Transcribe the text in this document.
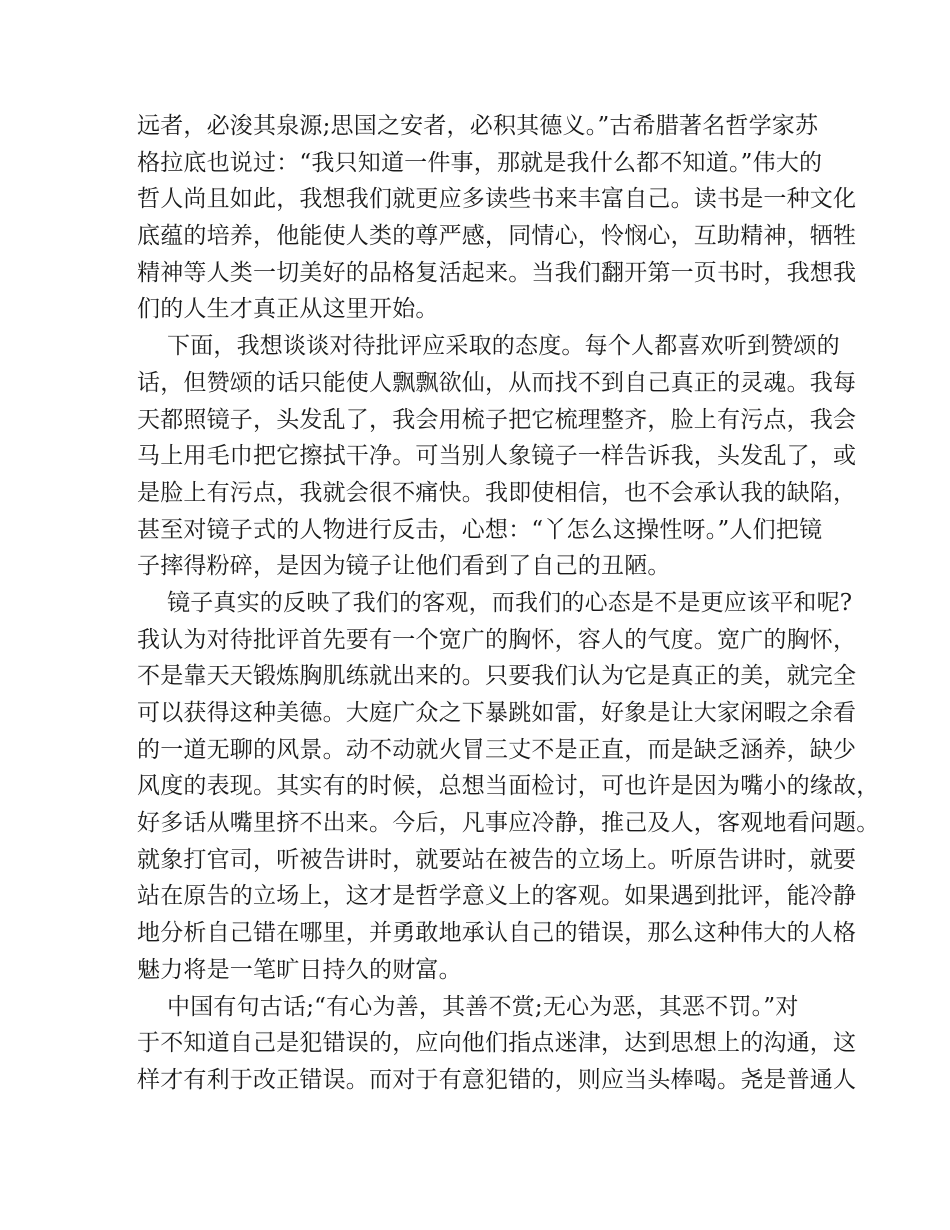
远者，必浚其泉源;思国之安者，必积其德义。”古希腊著名哲学家苏
格拉底也说过：“我只知道一件事，那就是我什么都不知道。”伟大的
哲人尚且如此，我想我们就更应多读些书来丰富自己。读书是一种文化
底蕴的培养，他能使人类的尊严感，同情心，怜悯心，互助精神，牺牲
精神等人类一切美好的品格复活起来。当我们翻开第一页书时，我想我
们的人生才真正从这里开始。
下面，我想谈谈对待批评应采取的态度。每个人都喜欢听到赞颂的
话，但赞颂的话只能使人飘飘欲仙，从而找不到自己真正的灵魂。我每
天都照镜子，头发乱了，我会用梳子把它梳理整齐，脸上有污点，我会
马上用毛巾把它擦拭干净。可当别人象镜子一样告诉我，头发乱了，或
是脸上有污点，我就会很不痛快。我即使相信，也不会承认我的缺陷，
甚至对镜子式的人物进行反击，心想：“丫怎么这操性呀。”人们把镜
子摔得粉碎，是因为镜子让他们看到了自己的丑陋。
镜子真实的反映了我们的客观，而我们的心态是不是更应该平和呢?
我认为对待批评首先要有一个宽广的胸怀，容人的气度。宽广的胸怀，
不是靠天天锻炼胸肌练就出来的。只要我们认为它是真正的美，就完全
可以获得这种美德。大庭广众之下暴跳如雷，好象是让大家闲暇之余看
的一道无聊的风景。动不动就火冒三丈不是正直，而是缺乏涵养，缺少
风度的表现。其实有的时候，总想当面检讨，可也许是因为嘴小的缘故，
好多话从嘴里挤不出来。今后，凡事应冷静，推己及人，客观地看问题。
就象打官司，听被告讲时，就要站在被告的立场上。听原告讲时，就要
站在原告的立场上，这才是哲学意义上的客观。如果遇到批评，能冷静
地分析自己错在哪里，并勇敢地承认自己的错误，那么这种伟大的人格
魅力将是一笔旷日持久的财富。
中国有句古话;“有心为善，其善不赏;无心为恶，其恶不罚。”对
于不知道自己是犯错误的，应向他们指点迷津，达到思想上的沟通，这
样才有利于改正错误。而对于有意犯错的，则应当头棒喝。尧是普通人
